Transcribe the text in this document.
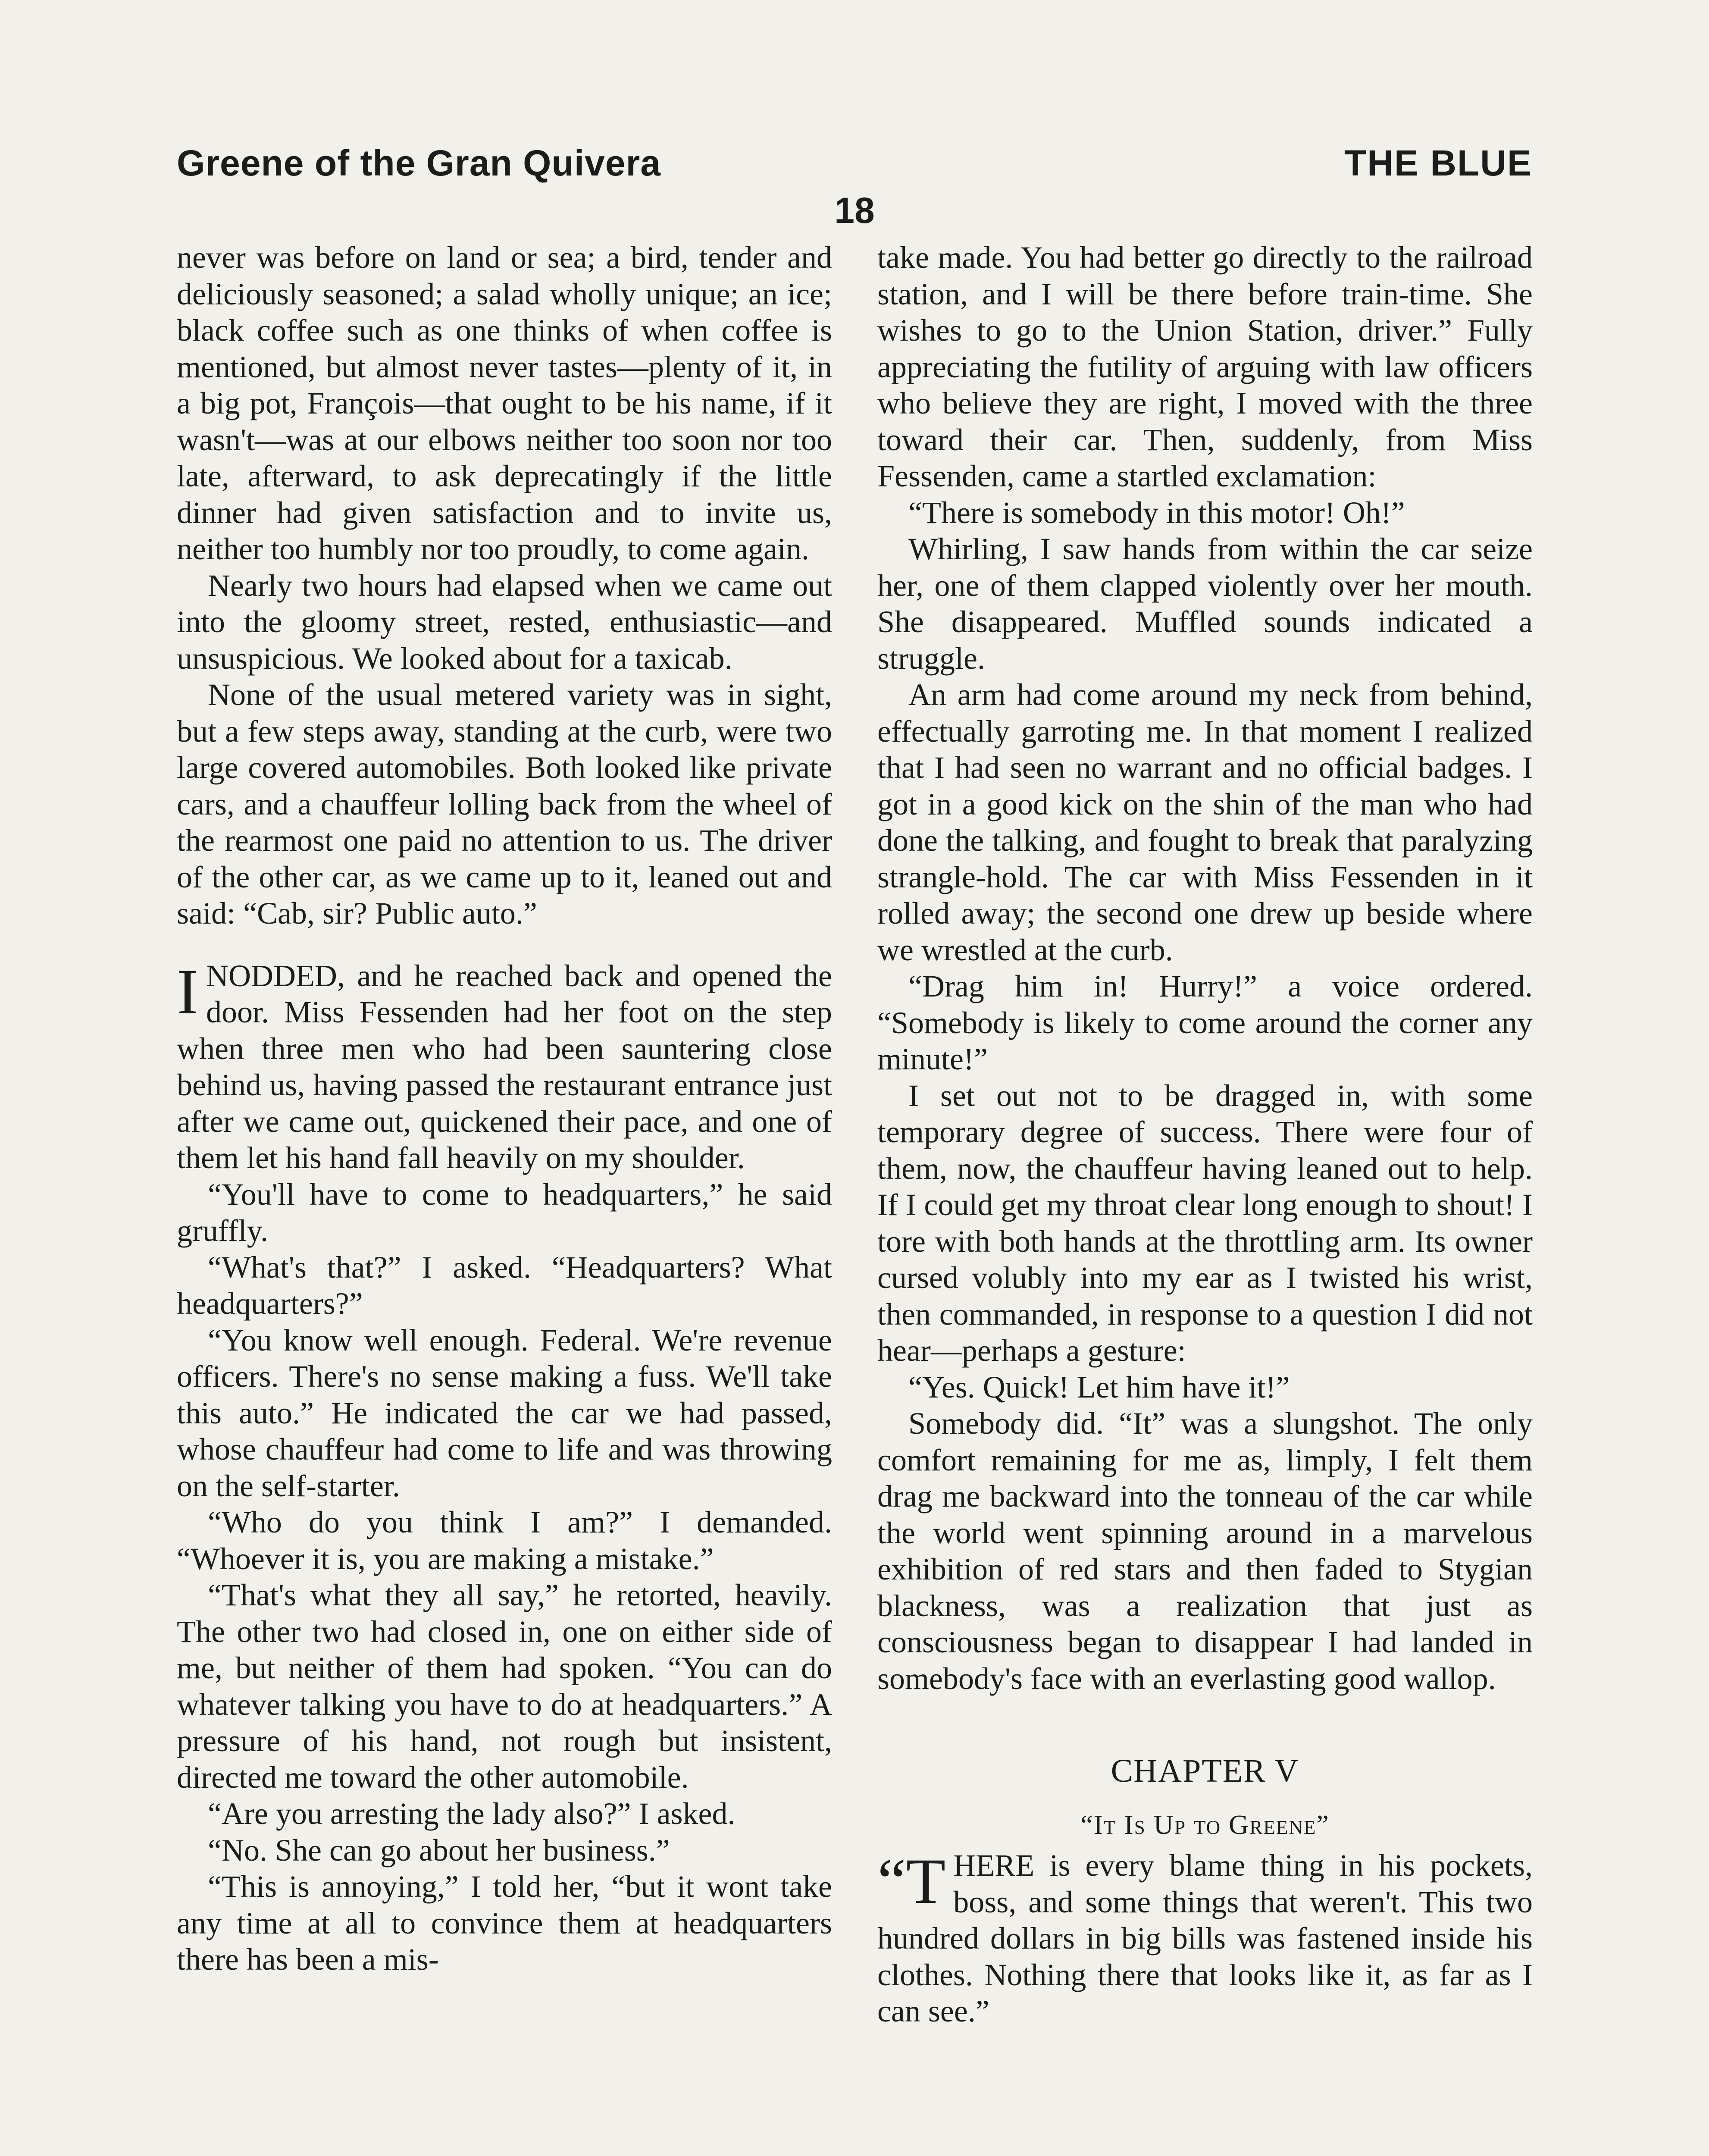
Greene of the Gran Quivera	THE BLUE
18

never was before on land or sea; a bird, tender and deliciously seasoned; a salad wholly unique; an ice; black coffee such as one thinks of when coffee is mentioned, but almost never tastes—plenty of it, in a big pot, François—that ought to be his name, if it wasn't—was at our elbows neither too soon nor too late, afterward, to ask deprecatingly if the little dinner had given satisfaction and to invite us, neither too humbly nor too proudly, to come again.

Nearly two hours had elapsed when we came out into the gloomy street, rested, enthusiastic—and unsuspicious. We looked about for a taxicab.

None of the usual metered variety was in sight, but a few steps away, standing at the curb, were two large covered automobiles. Both looked like private cars, and a chauffeur lolling back from the wheel of the rearmost one paid no attention to us. The driver of the other car, as we came up to it, leaned out and said: “Cab, sir? Public auto.”

INODDED, and he reached back and opened the door. Miss Fessenden had her foot on the step when three men who had been sauntering close behind us, having passed the restaurant entrance just after we came out, quickened their pace, and one of them let his hand fall heavily on my shoulder.

“You'll have to come to headquarters,” he said gruffly.

“What's that?” I asked. “Headquarters? What headquarters?”

“You know well enough. Federal. We're revenue officers. There's no sense making a fuss. We'll take this auto.” He indicated the car we had passed, whose chauffeur had come to life and was throwing on the self-starter.

“Who do you think I am?” I demanded. “Whoever it is, you are making a mistake.”

“That's what they all say,” he retorted, heavily. The other two had closed in, one on either side of me, but neither of them had spoken. “You can do whatever talking you have to do at headquarters.” A pressure of his hand, not rough but insistent, directed me toward the other automobile.

“Are you arresting the lady also?” I asked.

“No. She can go about her business.”

“This is annoying,” I told her, “but it wont take any time at all to convince them at headquarters there has been a mis-

take made. You had better go directly to the railroad station, and I will be there before train-time. She wishes to go to the Union Station, driver.” Fully appreciating the futility of arguing with law officers who believe they are right, I moved with the three toward their car. Then, suddenly, from Miss Fessenden, came a startled exclamation:

“There is somebody in this motor! Oh!”

Whirling, I saw hands from within the car seize her, one of them clapped violently over her mouth. She disappeared. Muffled sounds indicated a struggle.

An arm had come around my neck from behind, effectually garroting me. In that moment I realized that I had seen no warrant and no official badges. I got in a good kick on the shin of the man who had done the talking, and fought to break that paralyzing strangle-hold. The car with Miss Fessenden in it rolled away; the second one drew up beside where we wrestled at the curb.

“Drag him in! Hurry!” a voice ordered. “Somebody is likely to come around the corner any minute!”

I set out not to be dragged in, with some temporary degree of success. There were four of them, now, the chauffeur having leaned out to help. If I could get my throat clear long enough to shout! I tore with both hands at the throttling arm. Its owner cursed volubly into my ear as I twisted his wrist, then commanded, in response to a question I did not hear—perhaps a gesture:

“Yes. Quick! Let him have it!”

Somebody did. “It” was a slungshot. The only comfort remaining for me as, limply, I felt them drag me backward into the tonneau of the car while the world went spinning around in a marvelous exhibition of red stars and then faded to Stygian blackness, was a realization that just as consciousness began to disappear I had landed in somebody's face with an everlasting good wallop.

CHAPTER V

“It Is Up to Greene”

“THERE is every blame thing in his pockets, boss, and some things that weren't. This two hundred dollars in big bills was fastened inside his clothes. Nothing there that looks like it, as far as I can see.”
